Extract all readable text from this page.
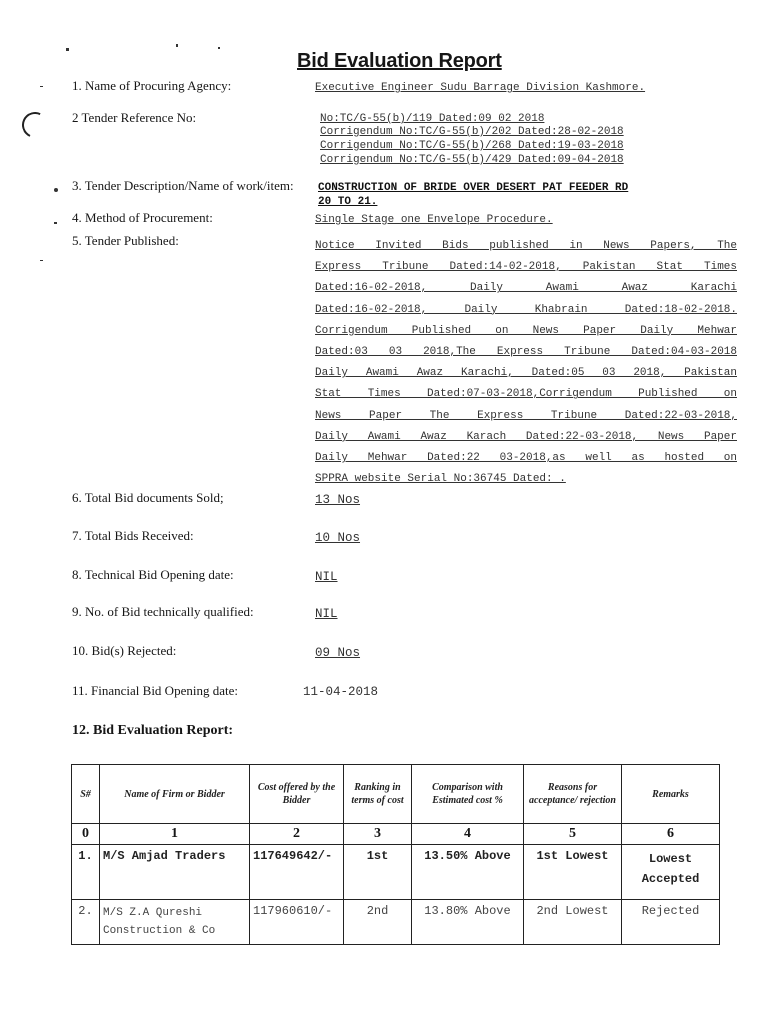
Bid Evaluation Report
1. Name of Procuring Agency:	Executive Engineer Sudu Barrage Division Kashmore.
2 Tender Reference No:	No:TC/G-55(b)/119 Dated:09 02 2018
Corrigendum No:TC/G-55(b)/202 Dated:28-02-2018
Corrigendum No:TC/G-55(b)/268 Dated:19-03-2018
Corrigendum No:TC/G-55(b)/429 Dated:09-04-2018
3. Tender Description/Name of work/item: CONSTRUCTION OF BRIDE OVER DESERT PAT FEEDER RD
20 TO 21.
4. Method of Procurement:	Single Stage one Envelope Procedure.
5. Tender Published:	Notice Invited Bids published in News Papers, The
Express Tribune Dated:14-02-2018, Pakistan Stat Times
Dated:16-02-2018, Daily Awami Awaz Karachi
Dated:16-02-2018, Daily Khabrain Dated:18-02-2018.
Corrigendum Published on News Paper Daily Mehwar
Dated:03 03 2018,The Express Tribune Dated:04-03-2018
Daily Awami Awaz Karachi, Dated:05 03 2018, Pakistan
Stat Times Dated:07-03-2018,Corrigendum Published on
News Paper The Express Tribune Dated:22-03-2018,
Daily Awami Awaz Karach Dated:22-03-2018, News Paper
Daily Mehwar Dated:22 03-2018,as well as hosted on
SPPRA website Serial No:36745 Dated: .
6. Total Bid documents Sold;	13 Nos
7. Total Bids Received:	10 Nos
8. Technical Bid Opening date:	NIL
9. No. of Bid technically qualified:	NIL
10. Bid(s) Rejected:	09 Nos
11. Financial Bid Opening date:	11-04-2018
12. Bid Evaluation Report:
S#	Name of Firm or Bidder	Cost offered by the Bidder	Ranking in terms of cost	Comparison with Estimated cost %	Reasons for acceptance/ rejection	Remarks
0	1	2	3	4	5	6
1.	M/S Amjad Traders	117649642/-	1st	13.50% Above	1st Lowest	Lowest Accepted
2.	M/S Z.A Qureshi Construction & Co	117960610/-	2nd	13.80% Above	2nd Lowest	Rejected
